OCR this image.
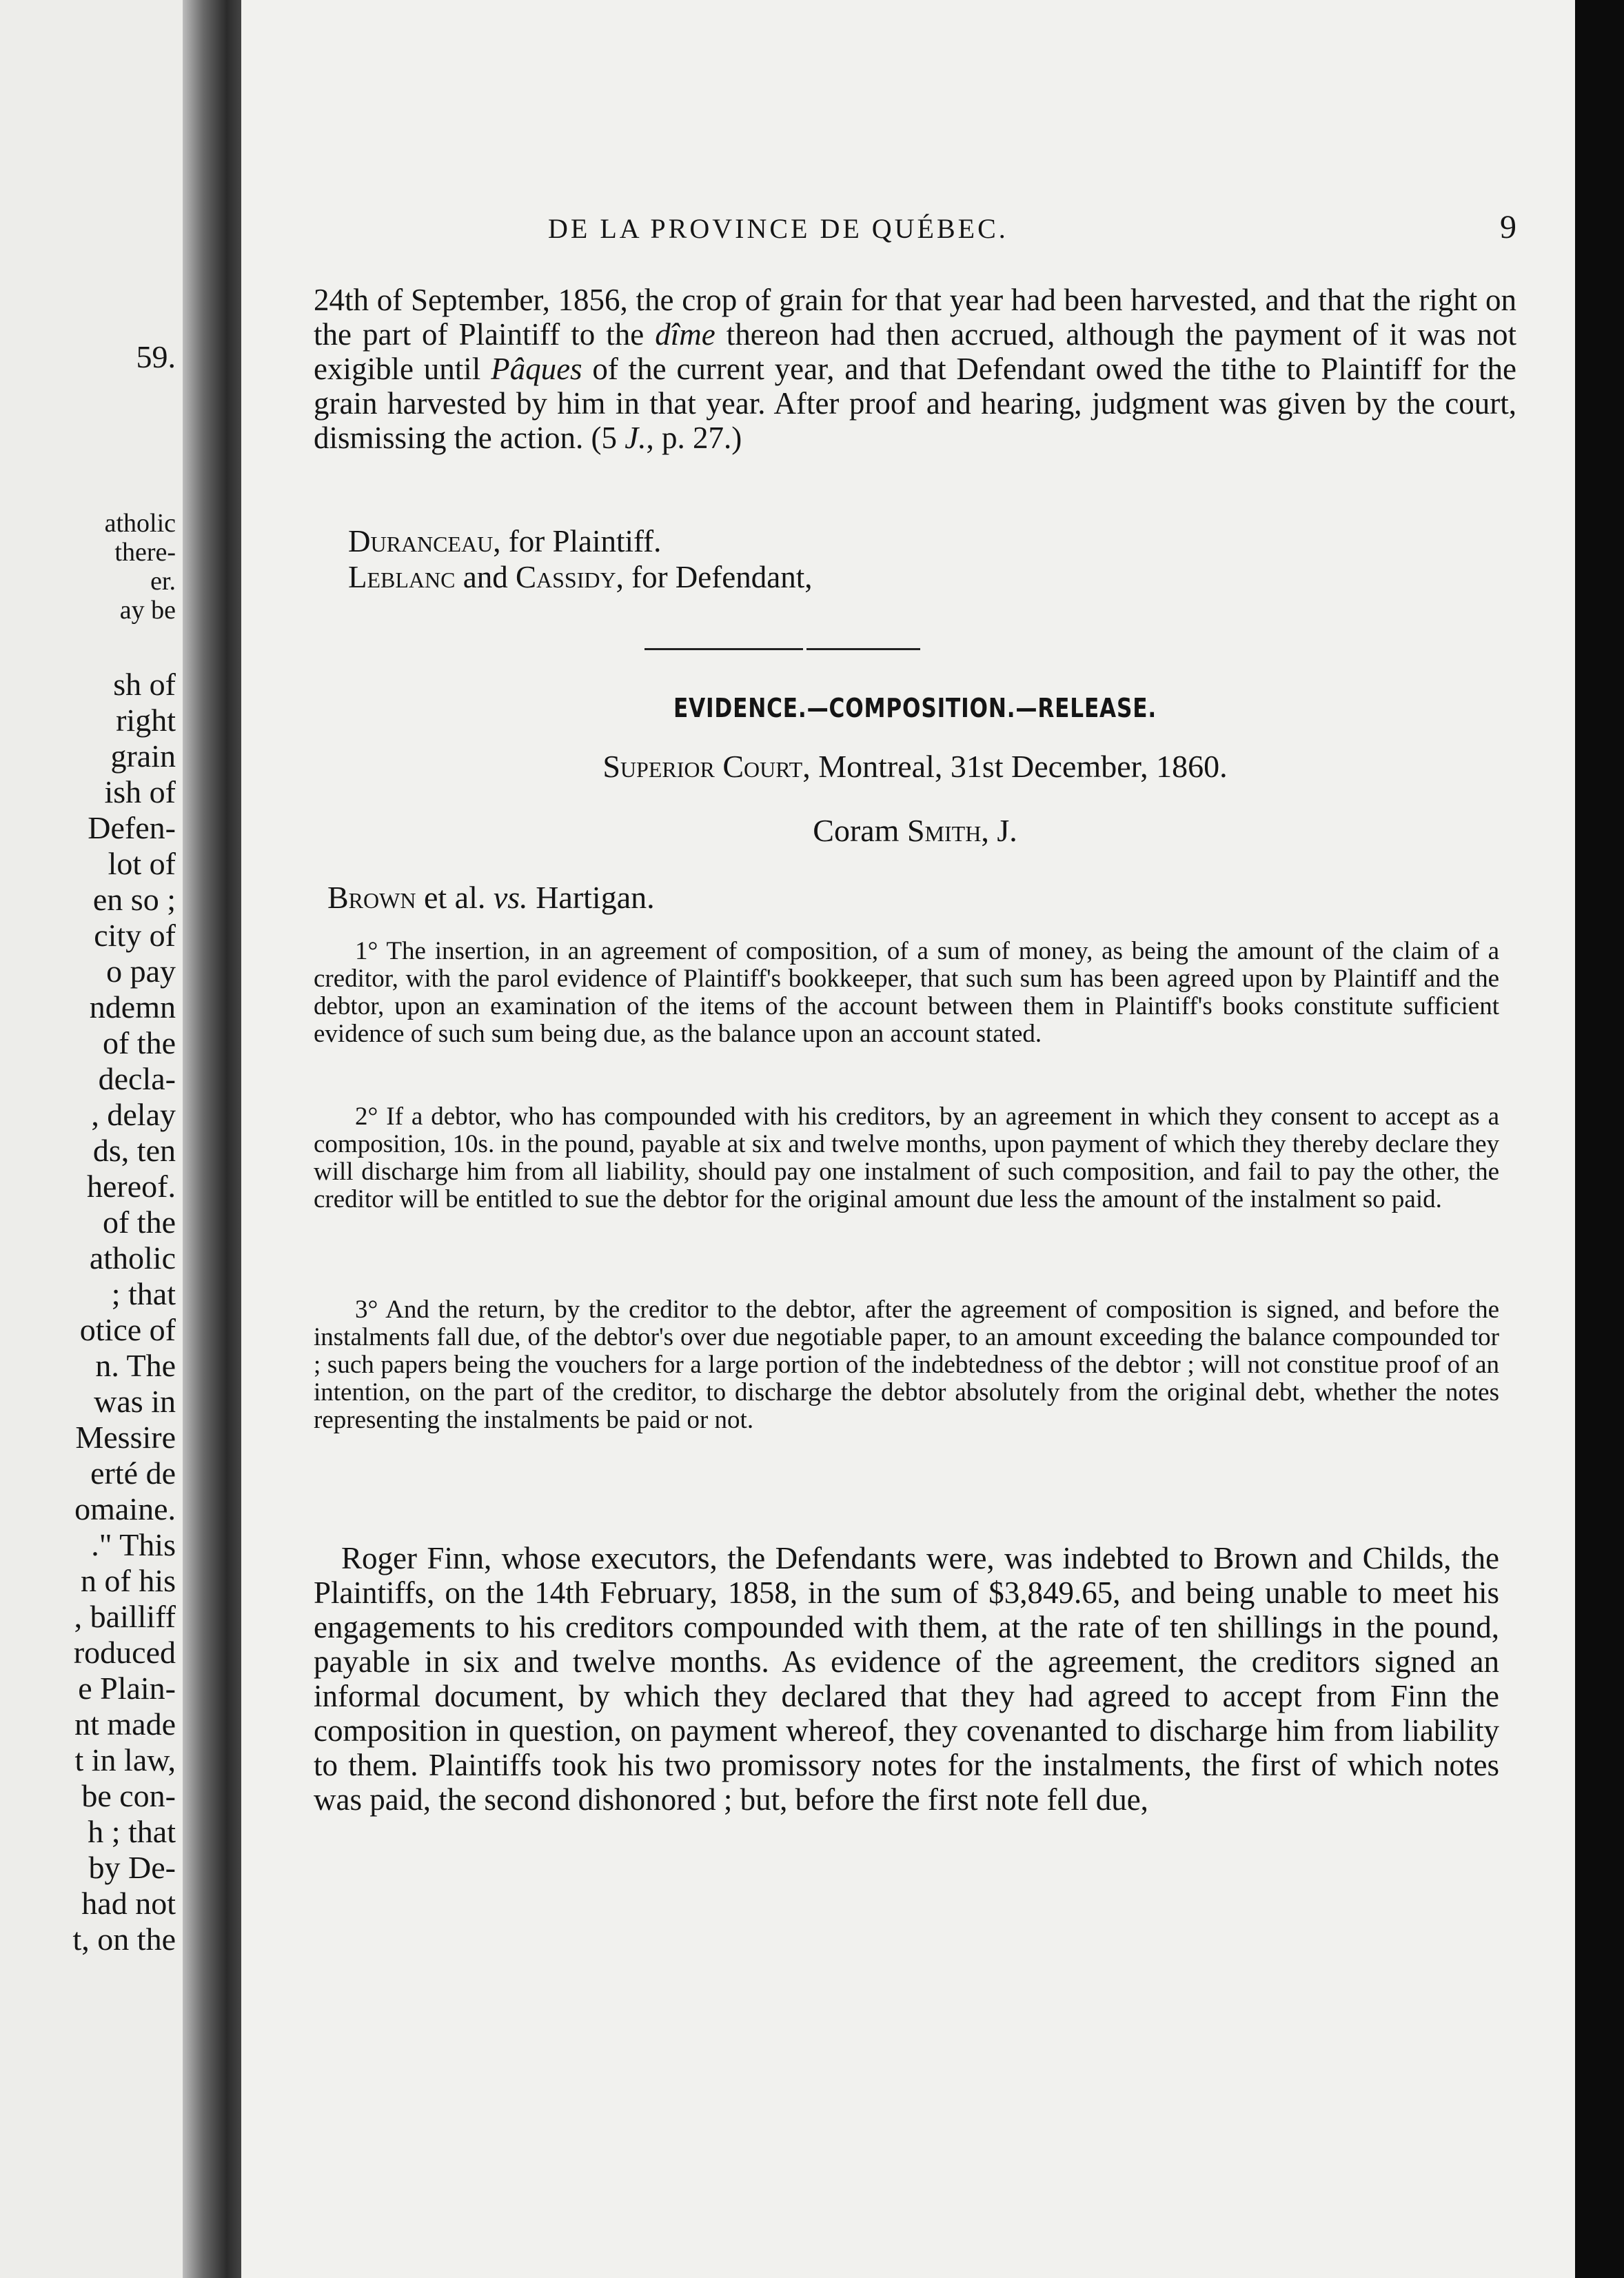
59.
atholic
there-
er.
ay be
sh of
right
grain
ish of
Defen-
lot of
en so ;
city of
o pay
ndemn
of the
decla-
, delay
ds, ten
hereof.
of the
atholic
; that
otice of
n. The
was in
Messire
erté de
omaine.
." This
n of his
, bailliff
roduced
e Plain-
nt made
t in law,
be con-
h ; that
by De-
had not
t, on the
DE LA PROVINCE DE QUÉBEC.	9
24th of September, 1856, the crop of grain for that year had been harvested, and that the right on the part of Plaintiff to the dîme thereon had then accrued, although the payment of it was not exigible until Pâques of the current year, and that Defendant owed the tithe to Plaintiff for the grain harvested by him in that year. After proof and hearing, judgment was given by the court, dismissing the action. (5 J., p. 27.)
Duranceau, for Plaintiff.
Leblanc and Cassidy, for Defendant,
EVIDENCE.—COMPOSITION.—RELEASE.
Superior Court, Montreal, 31st December, 1860.
Coram Smith, J.
Brown et al. vs. Hartigan.
1° The insertion, in an agreement of composition, of a sum of money, as being the amount of the claim of a creditor, with the parol evidence of Plaintiff's bookkeeper, that such sum has been agreed upon by Plaintiff and the debtor, upon an examination of the items of the account between them in Plaintiff's books constitute sufficient evidence of such sum being due, as the balance upon an account stated.
2° If a debtor, who has compounded with his creditors, by an agreement in which they consent to accept as a composition, 10s. in the pound, payable at six and twelve months, upon payment of which they thereby declare they will discharge him from all liability, should pay one instalment of such composition, and fail to pay the other, the creditor will be entitled to sue the debtor for the original amount due less the amount of the instalment so paid.
3° And the return, by the creditor to the debtor, after the agreement of composition is signed, and before the instalments fall due, of the debtor's over due negotiable paper, to an amount exceeding the balance compounded tor ; such papers being the vouchers for a large portion of the indebtedness of the debtor ; will not constitue proof of an intention, on the part of the creditor, to discharge the debtor absolutely from the original debt, whether the notes representing the instalments be paid or not.
Roger Finn, whose executors, the Defendants were, was indebted to Brown and Childs, the Plaintiffs, on the 14th February, 1858, in the sum of $3,849.65, and being unable to meet his engagements to his creditors compounded with them, at the rate of ten shillings in the pound, payable in six and twelve months. As evidence of the agreement, the creditors signed an informal document, by which they declared that they had agreed to accept from Finn the composition in question, on payment whereof, they covenanted to discharge him from liability to them. Plaintiffs took his two promissory notes for the instalments, the first of which notes was paid, the second dishonored ; but, before the first note fell due,
